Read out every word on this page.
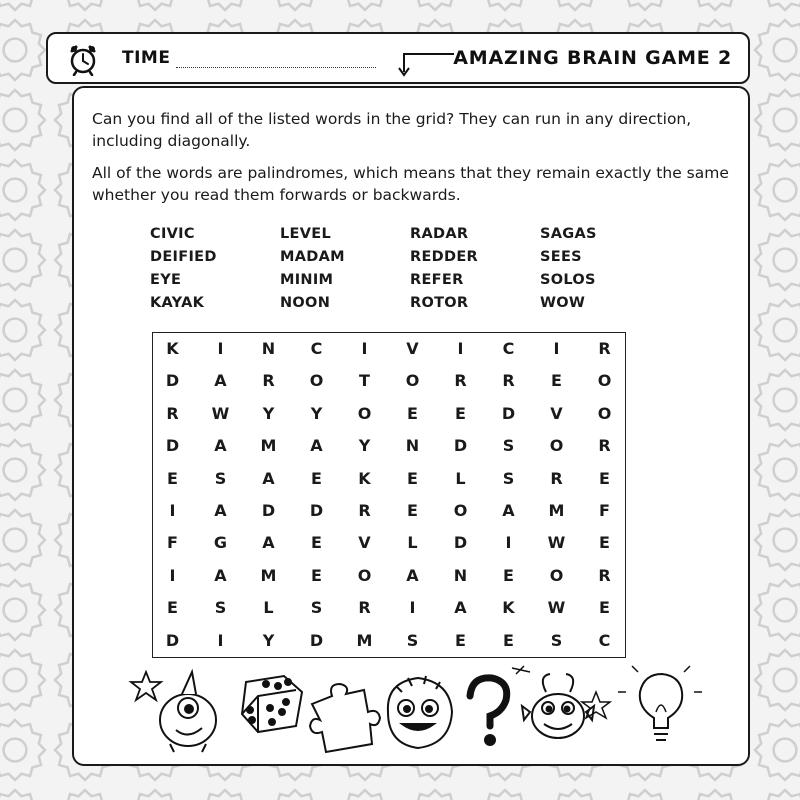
TIME	AMAZING BRAIN GAME 2

Can you find all of the listed words in the grid? They can run in any direction, including diagonally.

All of the words are palindromes, which means that they remain exactly the same whether you read them forwards or backwards.

CIVIC
DEIFIED
EYE
KAYAK
LEVEL
MADAM
MINIM
NOON
RADAR
REDDER
REFER
ROTOR
SAGAS
SEES
SOLOS
WOW
K	I	N	C	I	V	I	C	I	R
D	A	R	O	T	O	R	R	E	O
R	W	Y	Y	O	E	E	D	V	O
D	A	M	A	Y	N	D	S	O	R
E	S	A	E	K	E	L	S	R	E
I	A	D	D	R	E	O	A	M	F
F	G	A	E	V	L	D	I	W	E
I	A	M	E	O	A	N	E	O	R
E	S	L	S	R	I	A	K	W	E
D	I	Y	D	M	S	E	E	S	C
